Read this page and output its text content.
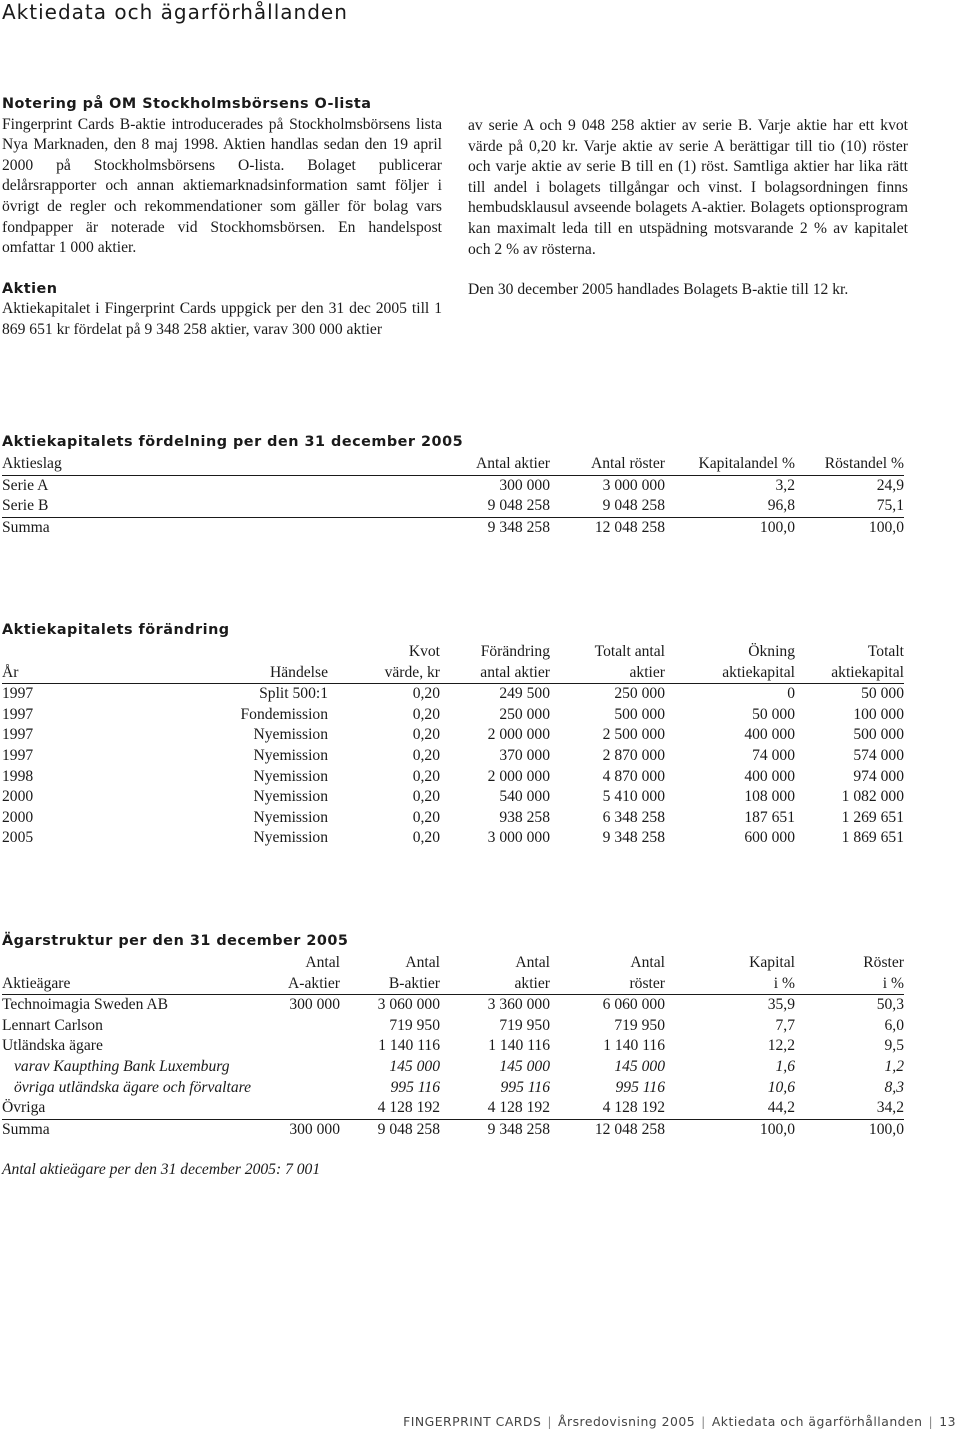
Aktiedata och ägarförhållanden

Notering på OM Stockholmsbörsens O-lista

Fingerprint Cards B-aktie introducerades på Stockholmsbörsens lista Nya Marknaden, den 8 maj 1998. Aktien handlas sedan den 19 april 2000 på Stockholmsbörsens O-lista. Bolaget publicerar delårsrapporter och annan aktiemarknadsinformation samt följer i övrigt de regler och rekommendationer som gäller för bolag vars fondpapper är noterade vid Stockhomsbörsen. En handelspost omfattar 1 000 aktier.

Aktien

Aktiekapitalet i Fingerprint Cards uppgick per den 31 dec 2005 till 1 869 651 kr fördelat på 9 348 258 aktier, varav 300 000 aktier

av serie A och 9 048 258 aktier av serie B. Varje aktie har ett kvot värde på 0,20 kr. Varje aktie av serie A berättigar till tio (10) röster och varje aktie av serie B till en (1) röst. Samtliga aktier har lika rätt till andel i bolagets tillgångar och vinst. I bolagsordningen finns hembudsklausul avseende bolagets A-aktier. Bolagets optionsprogram kan maximalt leda till en utspädning motsvarande 2 % av kapitalet och 2 % av rösterna.

Den 30 december 2005 handlades Bolagets B-aktie till 12 kr.

Aktiekapitalets fördelning per den 31 december 2005
Aktieslag	Antal aktier	Antal röster	Kapitalandel %	Röstandel %
Serie A	300 000	3 000 000	3,2	24,9
Serie B	9 048 258	9 048 258	96,8	75,1
Summa	9 348 258	12 048 258	100,0	100,0
Aktiekapitalets förändring
		Kvot	Förändring	Totalt antal	Ökning	Totalt
År	Händelse	värde, kr	antal aktier	aktier	aktiekapital	aktiekapital
1997	Split 500:1	0,20	249 500	250 000	0	50 000
1997	Fondemission	0,20	250 000	500 000	50 000	100 000
1997	Nyemission	0,20	2 000 000	2 500 000	400 000	500 000
1997	Nyemission	0,20	370 000	2 870 000	74 000	574 000
1998	Nyemission	0,20	2 000 000	4 870 000	400 000	974 000
2000	Nyemission	0,20	540 000	5 410 000	108 000	1 082 000
2000	Nyemission	0,20	938 258	6 348 258	187 651	1 269 651
2005	Nyemission	0,20	3 000 000	9 348 258	600 000	1 869 651
Ägarstruktur per den 31 december 2005
	Antal	Antal	Antal	Antal	Kapital	Röster
Aktieägare	A-aktier	B-aktier	aktier	röster	i %	i %
Technoimagia Sweden AB	300 000	3 060 000	3 360 000	6 060 000	35,9	50,3
Lennart Carlson		719 950	719 950	719 950	7,7	6,0
Utländska ägare		1 140 116	1 140 116	1 140 116	12,2	9,5
varav Kaupthing Bank Luxemburg		145 000	145 000	145 000	1,6	1,2
övriga utländska ägare och förvaltare		995 116	995 116	995 116	10,6	8,3
Övriga		4 128 192	4 128 192	4 128 192	44,2	34,2
Summa	300 000	9 048 258	9 348 258	12 048 258	100,0	100,0
Antal aktieägare per den 31 december 2005: 7 001
FINGERPRINT CARDS | Årsredovisning 2005 | Aktiedata och ägarförhållanden | 13
